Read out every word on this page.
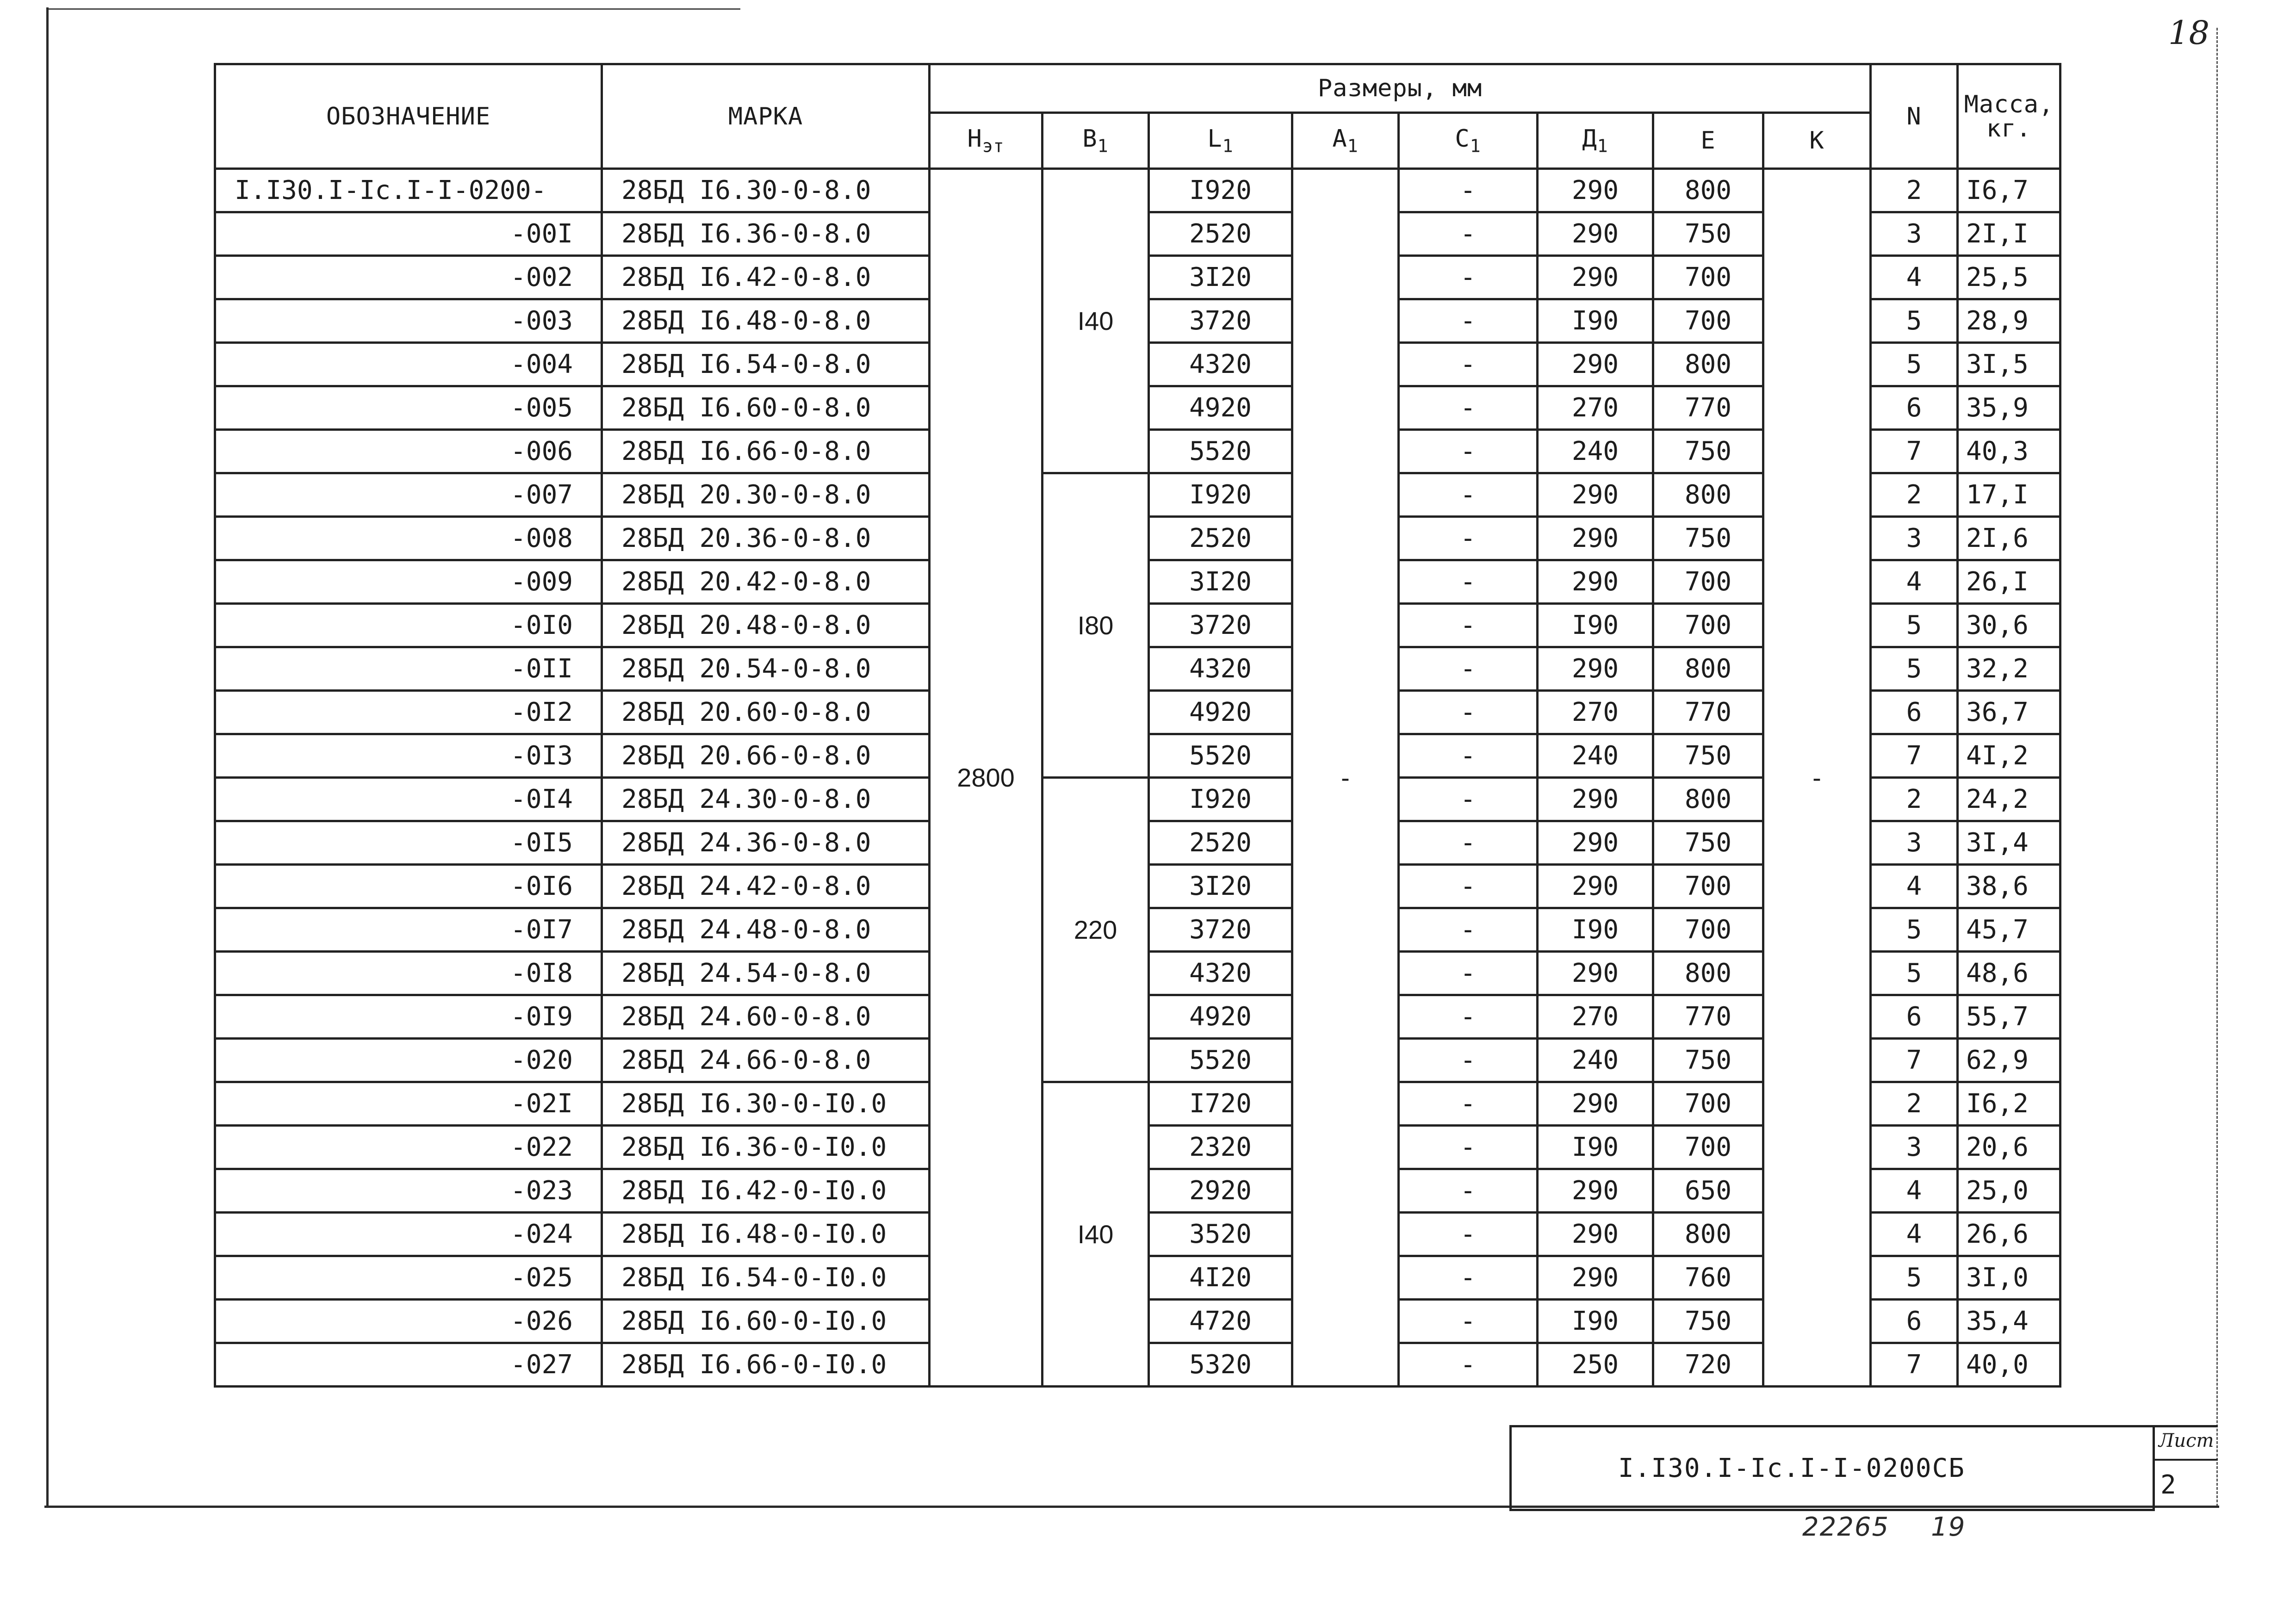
18
ОБОЗНАЧЕНИЕ	МАРКА	Размеры, мм								N	Масса, кг.
		$Н_{эт}$	$В_1$	$L_1$	$А_1$	$С_1$	$Д_1$	Е	К		
I.I30.I-Ic.I-I-0200-	28БД I6.30-0-8.0	2800	I40	I920	-	-	290	800	-	2	I6,7
-00I	28БД I6.36-0-8.0			2520		-	290	750		3	2I,I
-002	28БД I6.42-0-8.0			3I20		-	290	700		4	25,5
-003	28БД I6.48-0-8.0			3720		-	I90	700		5	28,9
-004	28БД I6.54-0-8.0			4320		-	290	800		5	3I,5
-005	28БД I6.60-0-8.0			4920		-	270	770		6	35,9
-006	28БД I6.66-0-8.0			5520		-	240	750		7	40,3
-007	28БД 20.30-0-8.0		I80	I920		-	290	800		2	17,I
-008	28БД 20.36-0-8.0			2520		-	290	750		3	2I,6
-009	28БД 20.42-0-8.0			3I20		-	290	700		4	26,I
-0I0	28БД 20.48-0-8.0			3720		-	I90	700		5	30,6
-0II	28БД 20.54-0-8.0			4320		-	290	800		5	32,2
-0I2	28БД 20.60-0-8.0			4920		-	270	770		6	36,7
-0I3	28БД 20.66-0-8.0			5520		-	240	750		7	4I,2
-0I4	28БД 24.30-0-8.0		220	I920		-	290	800		2	24,2
-0I5	28БД 24.36-0-8.0			2520		-	290	750		3	3I,4
-0I6	28БД 24.42-0-8.0			3I20		-	290	700		4	38,6
-0I7	28БД 24.48-0-8.0			3720		-	I90	700		5	45,7
-0I8	28БД 24.54-0-8.0			4320		-	290	800		5	48,6
-0I9	28БД 24.60-0-8.0			4920		-	270	770		6	55,7
-020	28БД 24.66-0-8.0			5520		-	240	750		7	62,9
-02I	28БД I6.30-0-I0.0		I40	I720		-	290	700		2	I6,2
-022	28БД I6.36-0-I0.0			2320		-	I90	700		3	20,6
-023	28БД I6.42-0-I0.0			2920		-	290	650		4	25,0
-024	28БД I6.48-0-I0.0			3520		-	290	800		4	26,6
-025	28БД I6.54-0-I0.0			4I20		-	290	760		5	3I,0
-026	28БД I6.60-0-I0.0			4720		-	I90	750		6	35,4
-027	28БД I6.66-0-I0.0			5320		-	250	720		7	40,0
I.I30.I-Ic.I-I-0200СБ
Лист
2
22265 19
